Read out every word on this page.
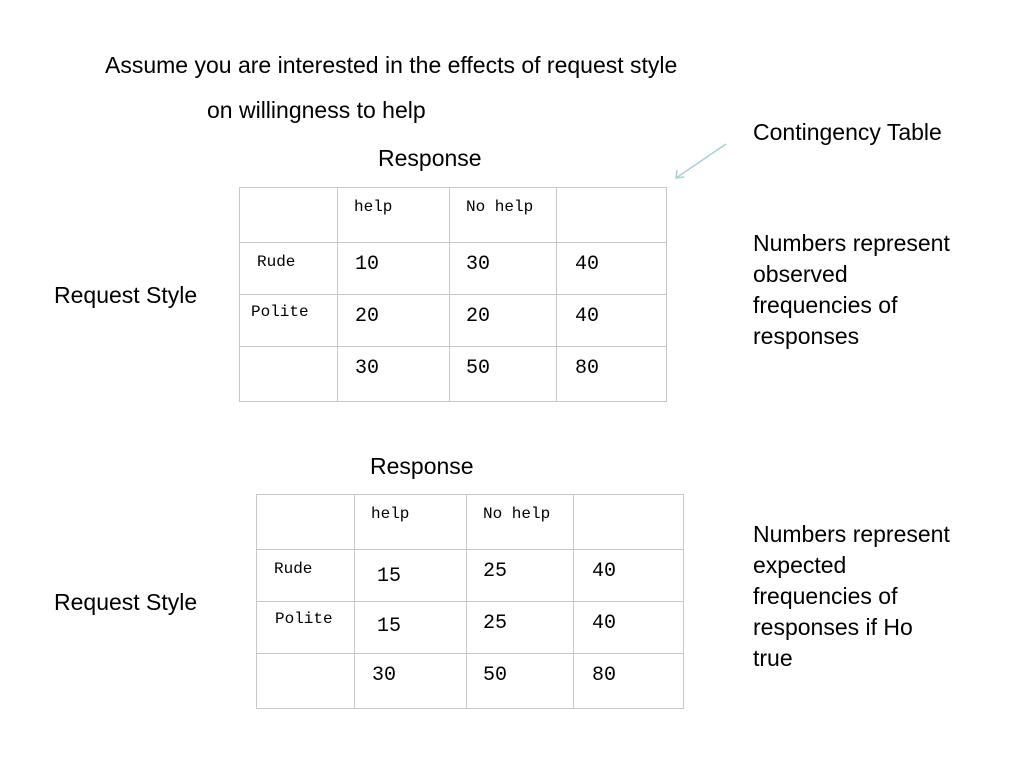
Assume you are interested in the effects of request style
on willingness to help
Contingency Table
Response
Request Style

	help	No help	

Rude	10	30	40

Polite	20	20	40

	30	50	80
Numbers represent observed frequencies of responses
Response
Request Style

	help	No help	

Rude	15	25	40

Polite	15	25	40

	30	50	80
Numbers represent expected frequencies of responses if Ho true
